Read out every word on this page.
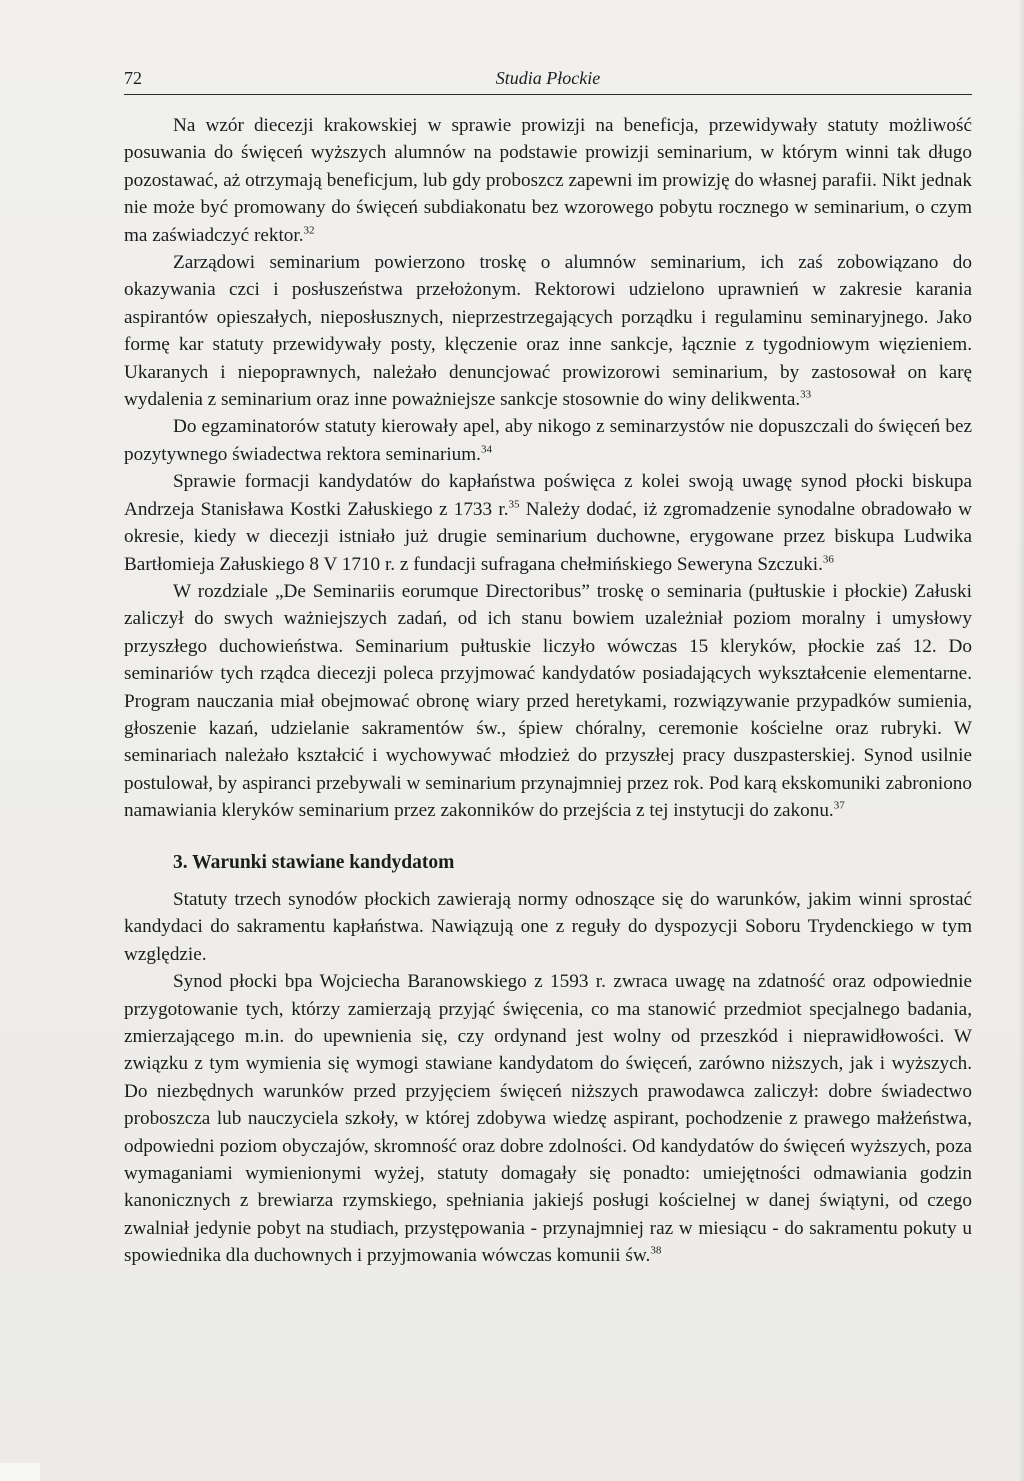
72	Studia Płockie

Na wzór diecezji krakowskiej w sprawie prowizji na beneficja, przewidywały statuty możliwość posuwania do święceń wyższych alumnów na podstawie prowizji seminarium, w którym winni tak długo pozostawać, aż otrzymają beneficjum, lub gdy proboszcz zapewni im prowizję do własnej parafii. Nikt jednak nie może być promowany do święceń subdiakonatu bez wzorowego pobytu rocznego w seminarium, o czym ma zaświadczyć rektor.$^{32}$

Zarządowi seminarium powierzono troskę o alumnów seminarium, ich zaś zobowiązano do okazywania czci i posłuszeństwa przełożonym. Rektorowi udzielono uprawnień w zakresie karania aspirantów opieszałych, nieposłusznych, nieprzestrzegających porządku i regulaminu seminaryjnego. Jako formę kar statuty przewidywały posty, klęczenie oraz inne sankcje, łącznie z tygodniowym więzieniem. Ukaranych i niepoprawnych, należało denuncjować prowizorowi seminarium, by zastosował on karę wydalenia z seminarium oraz inne poważniejsze sankcje stosownie do winy delikwenta.$^{33}$

Do egzaminatorów statuty kierowały apel, aby nikogo z seminarzystów nie dopuszczali do święceń bez pozytywnego świadectwa rektora seminarium.$^{34}$

Sprawie formacji kandydatów do kapłaństwa poświęca z kolei swoją uwagę synod płocki biskupa Andrzeja Stanisława Kostki Załuskiego z 1733 r.$^{35}$ Należy dodać, iż zgromadzenie synodalne obradowało w okresie, kiedy w diecezji istniało już drugie seminarium duchowne, erygowane przez biskupa Ludwika Bartłomieja Załuskiego 8 V 1710 r. z fundacji sufragana chełmińskiego Seweryna Szczuki.$^{36}$

W rozdziale „De Seminariis eorumque Directoribus” troskę o seminaria (pułtuskie i płockie) Załuski zaliczył do swych ważniejszych zadań, od ich stanu bowiem uzależniał poziom moralny i umysłowy przyszłego duchowieństwa. Seminarium pułtuskie liczyło wówczas 15 kleryków, płockie zaś 12. Do seminariów tych rządca diecezji poleca przyjmować kandydatów posiadających wykształcenie elementarne. Program nauczania miał obejmować obronę wiary przed heretykami, rozwiązywanie przypadków sumienia, głoszenie kazań, udzielanie sakramentów św., śpiew chóralny, ceremonie kościelne oraz rubryki. W seminariach należało kształcić i wychowywać młodzież do przyszłej pracy duszpasterskiej. Synod usilnie postulował, by aspiranci przebywali w seminarium przynajmniej przez rok. Pod karą ekskomuniki zabroniono namawiania kleryków seminarium przez zakonników do przejścia z tej instytucji do zakonu.$^{37}$

3. Warunki stawiane kandydatom

Statuty trzech synodów płockich zawierają normy odnoszące się do warunków, jakim winni sprostać kandydaci do sakramentu kapłaństwa. Nawiązują one z reguły do dyspozycji Soboru Trydenckiego w tym względzie.

Synod płocki bpa Wojciecha Baranowskiego z 1593 r. zwraca uwagę na zdatność oraz odpowiednie przygotowanie tych, którzy zamierzają przyjąć święcenia, co ma stanowić przedmiot specjalnego badania, zmierzającego m.in. do upewnienia się, czy ordynand jest wolny od przeszkód i nieprawidłowości. W związku z tym wymienia się wymogi stawiane kandydatom do święceń, zarówno niższych, jak i wyższych. Do niezbędnych warunków przed przyjęciem święceń niższych prawodawca zaliczył: dobre świadectwo proboszcza lub nauczyciela szkoły, w której zdobywa wiedzę aspirant, pochodzenie z prawego małżeństwa, odpowiedni poziom obyczajów, skromność oraz dobre zdolności. Od kandydatów do święceń wyższych, poza wymaganiami wymienionymi wyżej, statuty domagały się ponadto: umiejętności odmawiania godzin kanonicznych z brewiarza rzymskiego, spełniania jakiejś posługi kościelnej w danej świątyni, od czego zwalniał jedynie pobyt na studiach, przystępowania - przynajmniej raz w miesiącu - do sakramentu pokuty u spowiednika dla duchownych i przyjmowania wówczas komunii św.$^{38}$
